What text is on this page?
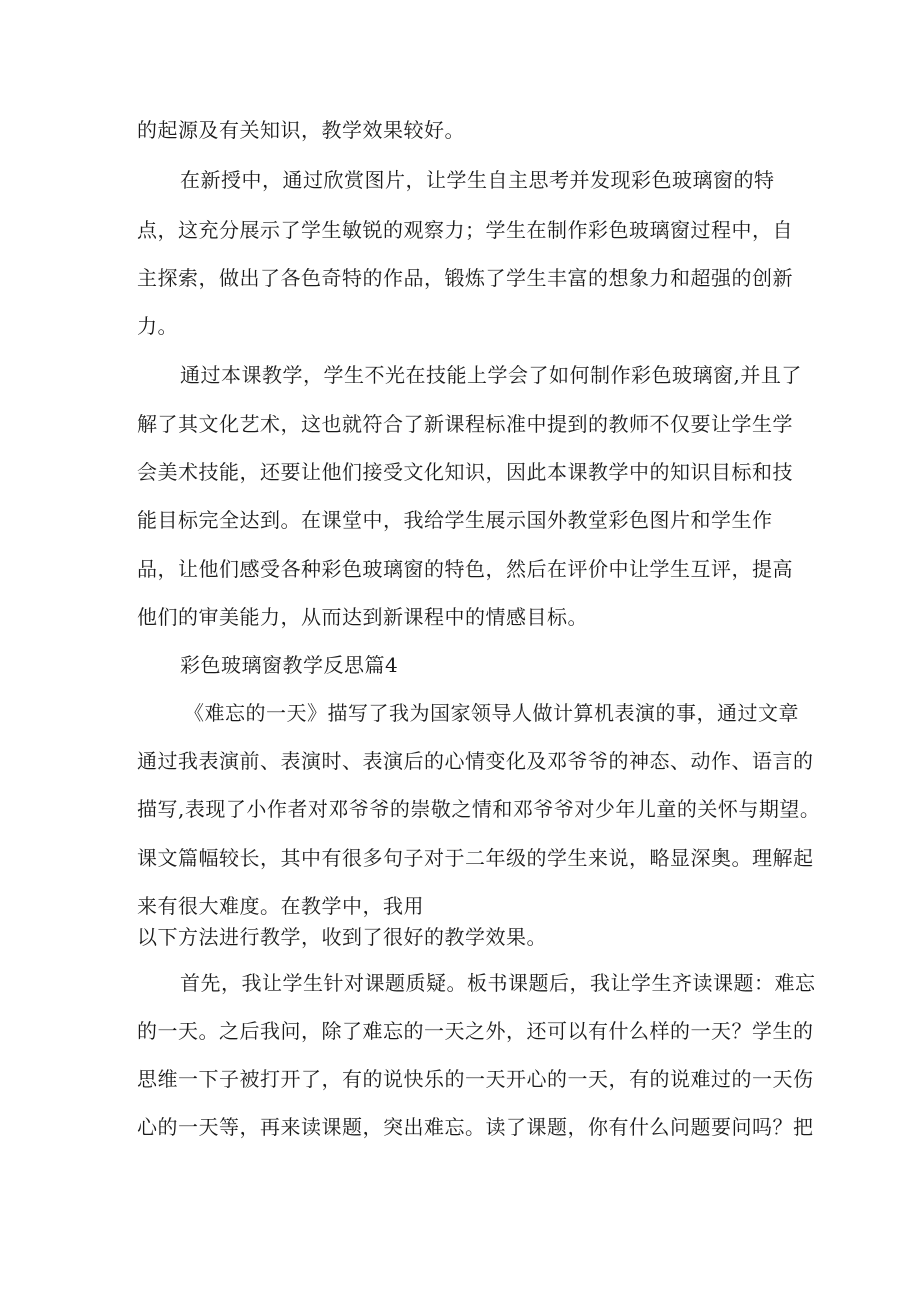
的起源及有关知识，教学效果较好。
在新授中，通过欣赏图片，让学生自主思考并发现彩色玻璃窗的特
点，这充分展示了学生敏锐的观察力；学生在制作彩色玻璃窗过程中，自
主探索，做出了各色奇特的作品，锻炼了学生丰富的想象力和超强的创新
力。
通过本课教学，学生不光在技能上学会了如何制作彩色玻璃窗,并且了
解了其文化艺术，这也就符合了新课程标准中提到的教师不仅要让学生学
会美术技能，还要让他们接受文化知识，因此本课教学中的知识目标和技
能目标完全达到。在课堂中，我给学生展示国外教堂彩色图片和学生作
品，让他们感受各种彩色玻璃窗的特色，然后在评价中让学生互评，提高
他们的审美能力，从而达到新课程中的情感目标。
彩色玻璃窗教学反思篇4
《难忘的一天》描写了我为国家领导人做计算机表演的事，通过文章
通过我表演前、表演时、表演后的心情变化及邓爷爷的神态、动作、语言的
描写,表现了小作者对邓爷爷的崇敬之情和邓爷爷对少年儿童的关怀与期望。
课文篇幅较长，其中有很多句子对于二年级的学生来说，略显深奥。理解起
来有很大难度。在教学中，我用
以下方法进行教学，收到了很好的教学效果。
首先，我让学生针对课题质疑。板书课题后，我让学生齐读课题：难忘
的一天。之后我问，除了难忘的一天之外，还可以有什么样的一天？学生的
思维一下子被打开了，有的说快乐的一天开心的一天，有的说难过的一天伤
心的一天等，再来读课题，突出难忘。读了课题，你有什么问题要问吗？把
